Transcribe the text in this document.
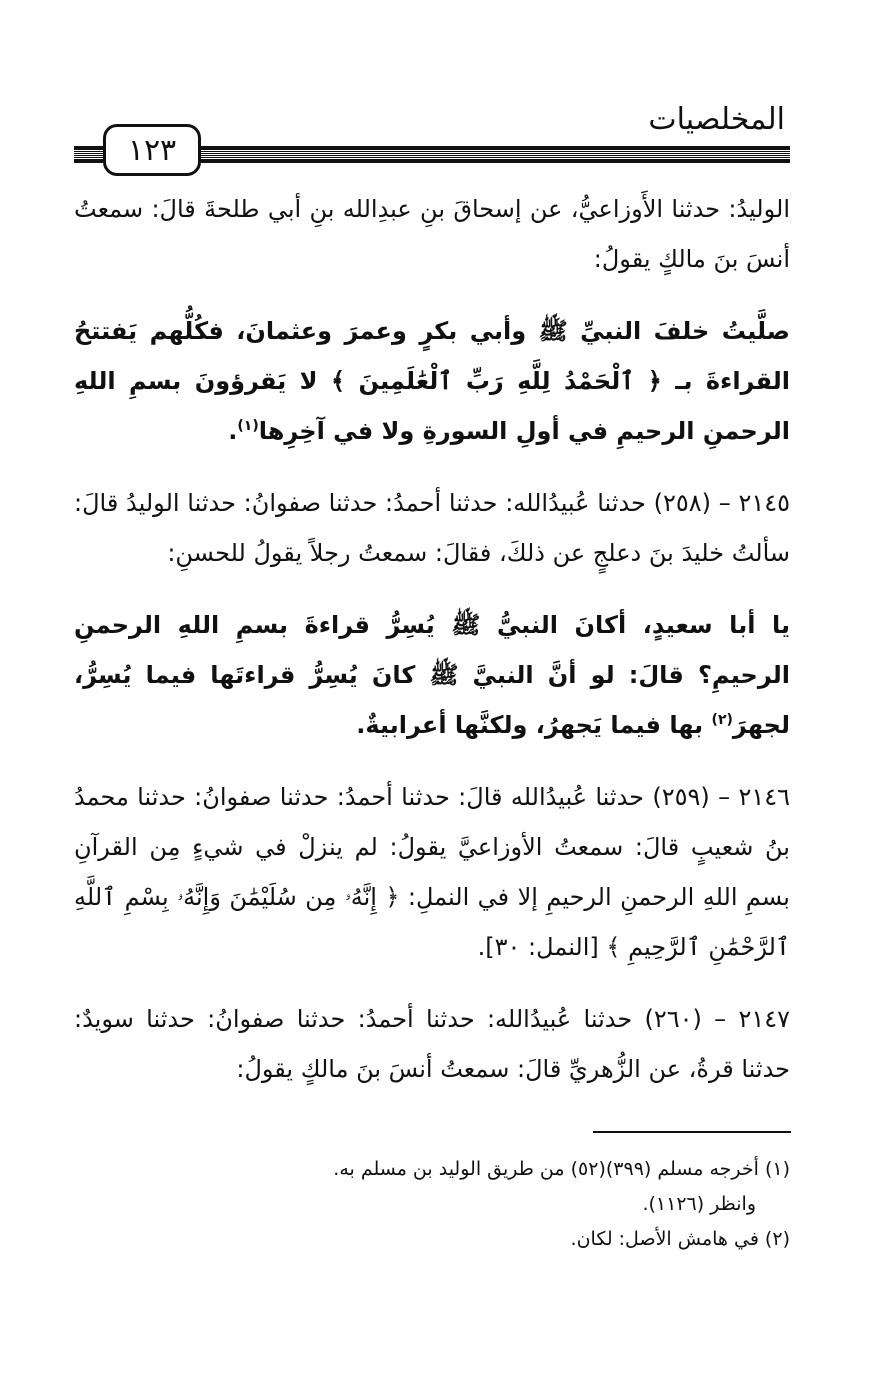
المخلصيات
١٢٣

الوليدُ: حدثنا الأَوزاعيُّ، عن إسحاقَ بنِ عبدِالله بنِ أبي طلحةَ قالَ: سمعتُ أنسَ بنَ مالكٍ يقولُ:

صلَّيتُ خلفَ النبيِّ ﷺ وأبي بكرٍ وعمرَ وعثمانَ، فكُلُّهم يَفتتحُ القراءةَ بـ ﴿ ٱلْحَمْدُ لِلَّهِ رَبِّ ٱلْعَٰلَمِينَ ﴾ لا يَقرؤونَ بسمِ اللهِ الرحمنِ الرحيمِ في أولِ السورةِ ولا في آخِرِها$^{(١)}$.

٢١٤٥ – (٢٥٨) حدثنا عُبيدُالله: حدثنا أحمدُ: حدثنا صفوانُ: حدثنا الوليدُ قالَ: سألتُ خليدَ بنَ دعلجٍ عن ذلكَ، فقالَ: سمعتُ رجلاً يقولُ للحسنِ:

يا أبا سعيدٍ، أكانَ النبيُّ ﷺ يُسِرُّ قراءةَ بسمِ اللهِ الرحمنِ الرحيمِ؟ قالَ: لو أنَّ النبيَّ ﷺ كانَ يُسِرُّ قراءتَها فيما يُسِرُّ، لجهرَ$^{(٢)}$ بها فيما يَجهرُ، ولكنَّها أعرابيةٌ.

٢١٤٦ – (٢٥٩) حدثنا عُبيدُالله قالَ: حدثنا أحمدُ: حدثنا صفوانُ: حدثنا محمدُ بنُ شعيبٍ قالَ: سمعتُ الأوزاعيَّ يقولُ: لم ينزلْ في شيءٍ مِن القرآنِ بسمِ اللهِ الرحمنِ الرحيمِ إلا في النملِ: ﴿ إِنَّهُۥ مِن سُلَيْمَٰنَ وَإِنَّهُۥ بِسْمِ ٱللَّهِ ٱلرَّحْمَٰنِ ٱلرَّحِيمِ ﴾ [النمل: ٣٠].

٢١٤٧ – (٢٦٠) حدثنا عُبيدُالله: حدثنا أحمدُ: حدثنا صفوانُ: حدثنا سويدٌ: حدثنا قرةُ، عن الزُّهريِّ قالَ: سمعتُ أنسَ بنَ مالكٍ يقولُ:

(١) أخرجه مسلم (٣٩٩)(٥٢) من طريق الوليد بن مسلم به.

وانظر (١١٢٦).

(٢) في هامش الأصل: لكان.
